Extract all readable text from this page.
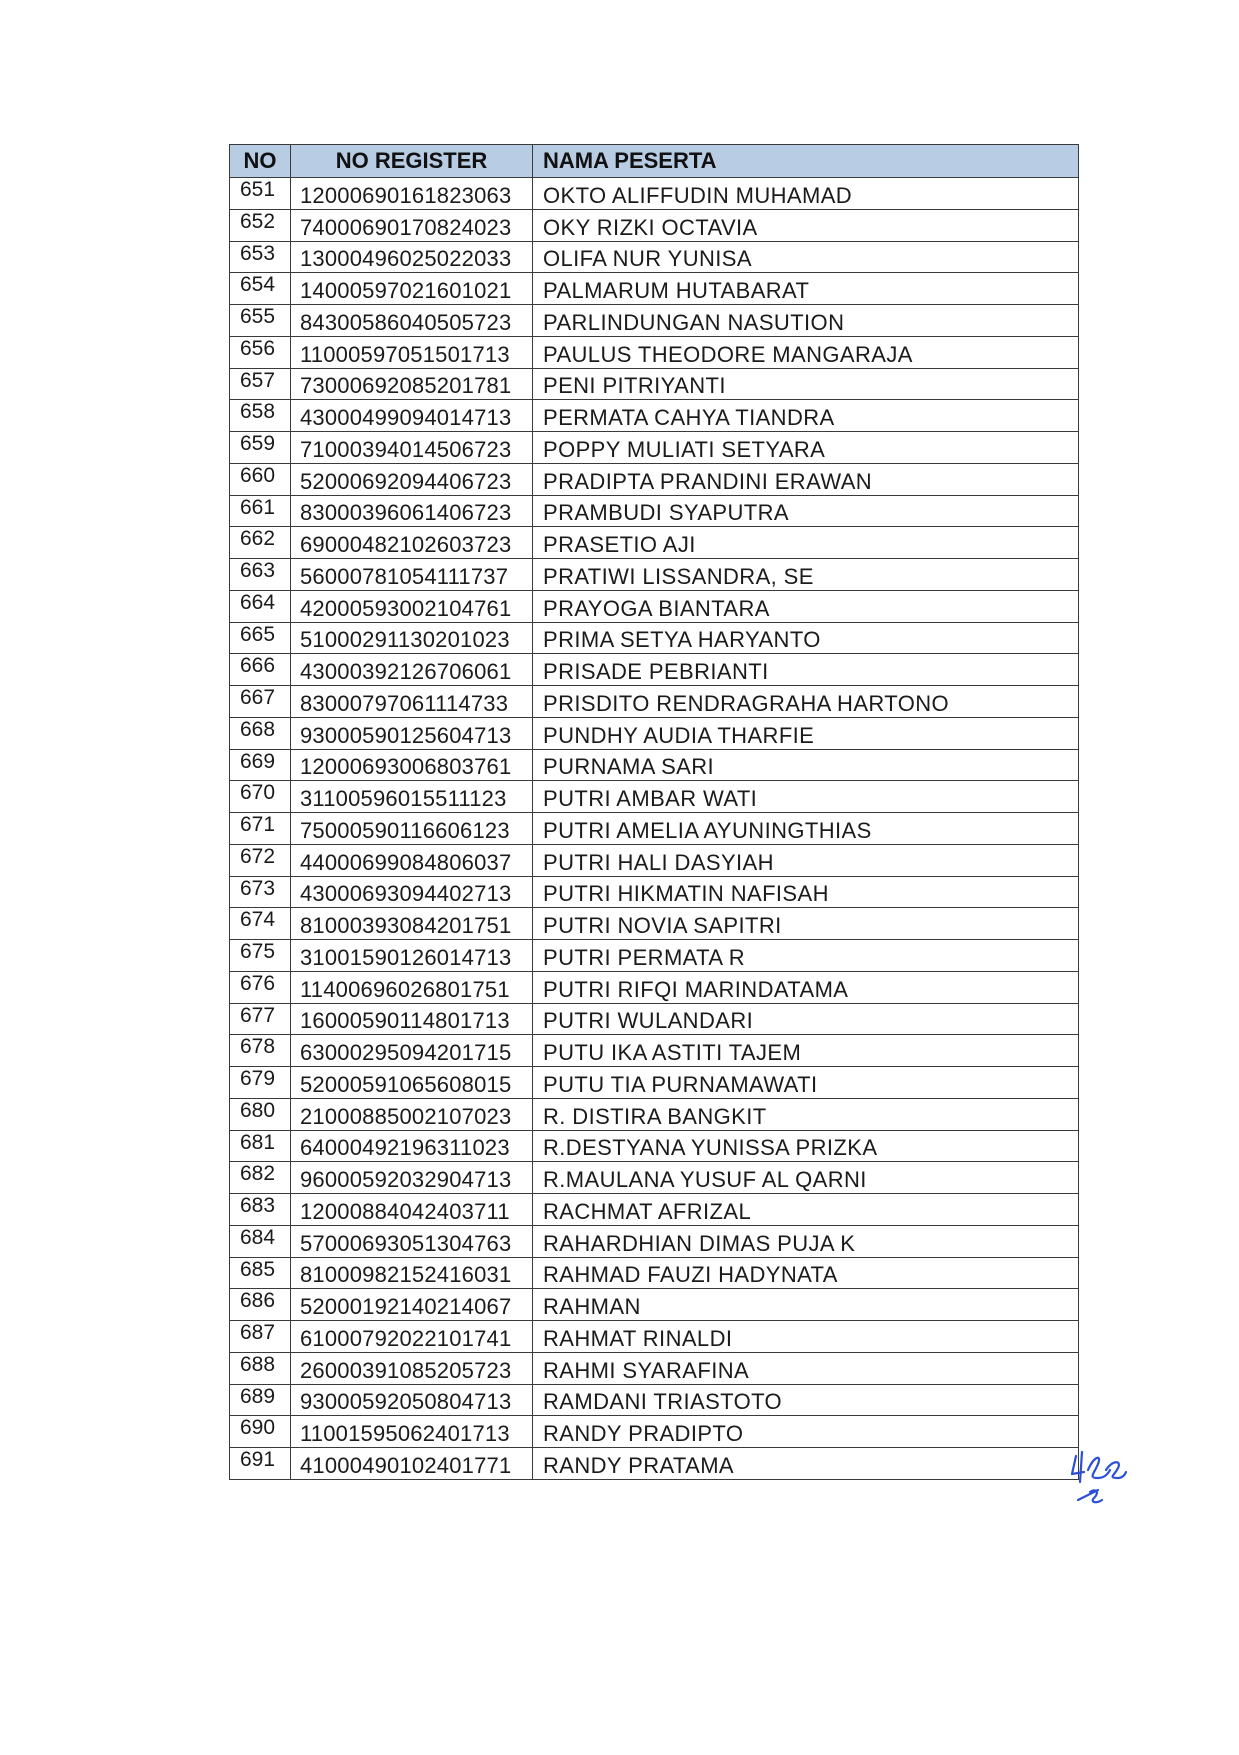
NO	NO REGISTER	NAMA PESERTA
651	12000690161823063	OKTO ALIFFUDIN MUHAMAD
652	74000690170824023	OKY RIZKI OCTAVIA
653	13000496025022033	OLIFA NUR YUNISA
654	14000597021601021	PALMARUM HUTABARAT
655	84300586040505723	PARLINDUNGAN NASUTION
656	11000597051501713	PAULUS THEODORE MANGARAJA
657	73000692085201781	PENI PITRIYANTI
658	43000499094014713	PERMATA CAHYA TIANDRA
659	71000394014506723	POPPY MULIATI SETYARA
660	52000692094406723	PRADIPTA PRANDINI ERAWAN
661	83000396061406723	PRAMBUDI SYAPUTRA
662	69000482102603723	PRASETIO AJI
663	56000781054111737	PRATIWI LISSANDRA, SE
664	42000593002104761	PRAYOGA BIANTARA
665	51000291130201023	PRIMA SETYA HARYANTO
666	43000392126706061	PRISADE PEBRIANTI
667	83000797061114733	PRISDITO RENDRAGRAHA HARTONO
668	93000590125604713	PUNDHY AUDIA THARFIE
669	12000693006803761	PURNAMA SARI
670	31100596015511123	PUTRI AMBAR WATI
671	75000590116606123	PUTRI AMELIA AYUNINGTHIAS
672	44000699084806037	PUTRI HALI DASYIAH
673	43000693094402713	PUTRI HIKMATIN NAFISAH
674	81000393084201751	PUTRI NOVIA SAPITRI
675	31001590126014713	PUTRI PERMATA R
676	11400696026801751	PUTRI RIFQI MARINDATAMA
677	16000590114801713	PUTRI WULANDARI
678	63000295094201715	PUTU IKA ASTITI TAJEM
679	52000591065608015	PUTU TIA PURNAMAWATI
680	21000885002107023	R. DISTIRA BANGKIT
681	64000492196311023	R.DESTYANA YUNISSA PRIZKA
682	96000592032904713	R.MAULANA YUSUF AL QARNI
683	12000884042403711	RACHMAT AFRIZAL
684	57000693051304763	RAHARDHIAN DIMAS PUJA K
685	81000982152416031	RAHMAD FAUZI HADYNATA
686	52000192140214067	RAHMAN
687	61000792022101741	RAHMAT RINALDI
688	26000391085205723	RAHMI SYARAFINA
689	93000592050804713	RAMDANI TRIASTOTO
690	11001595062401713	RANDY PRADIPTO
691	41000490102401771	RANDY PRATAMA
